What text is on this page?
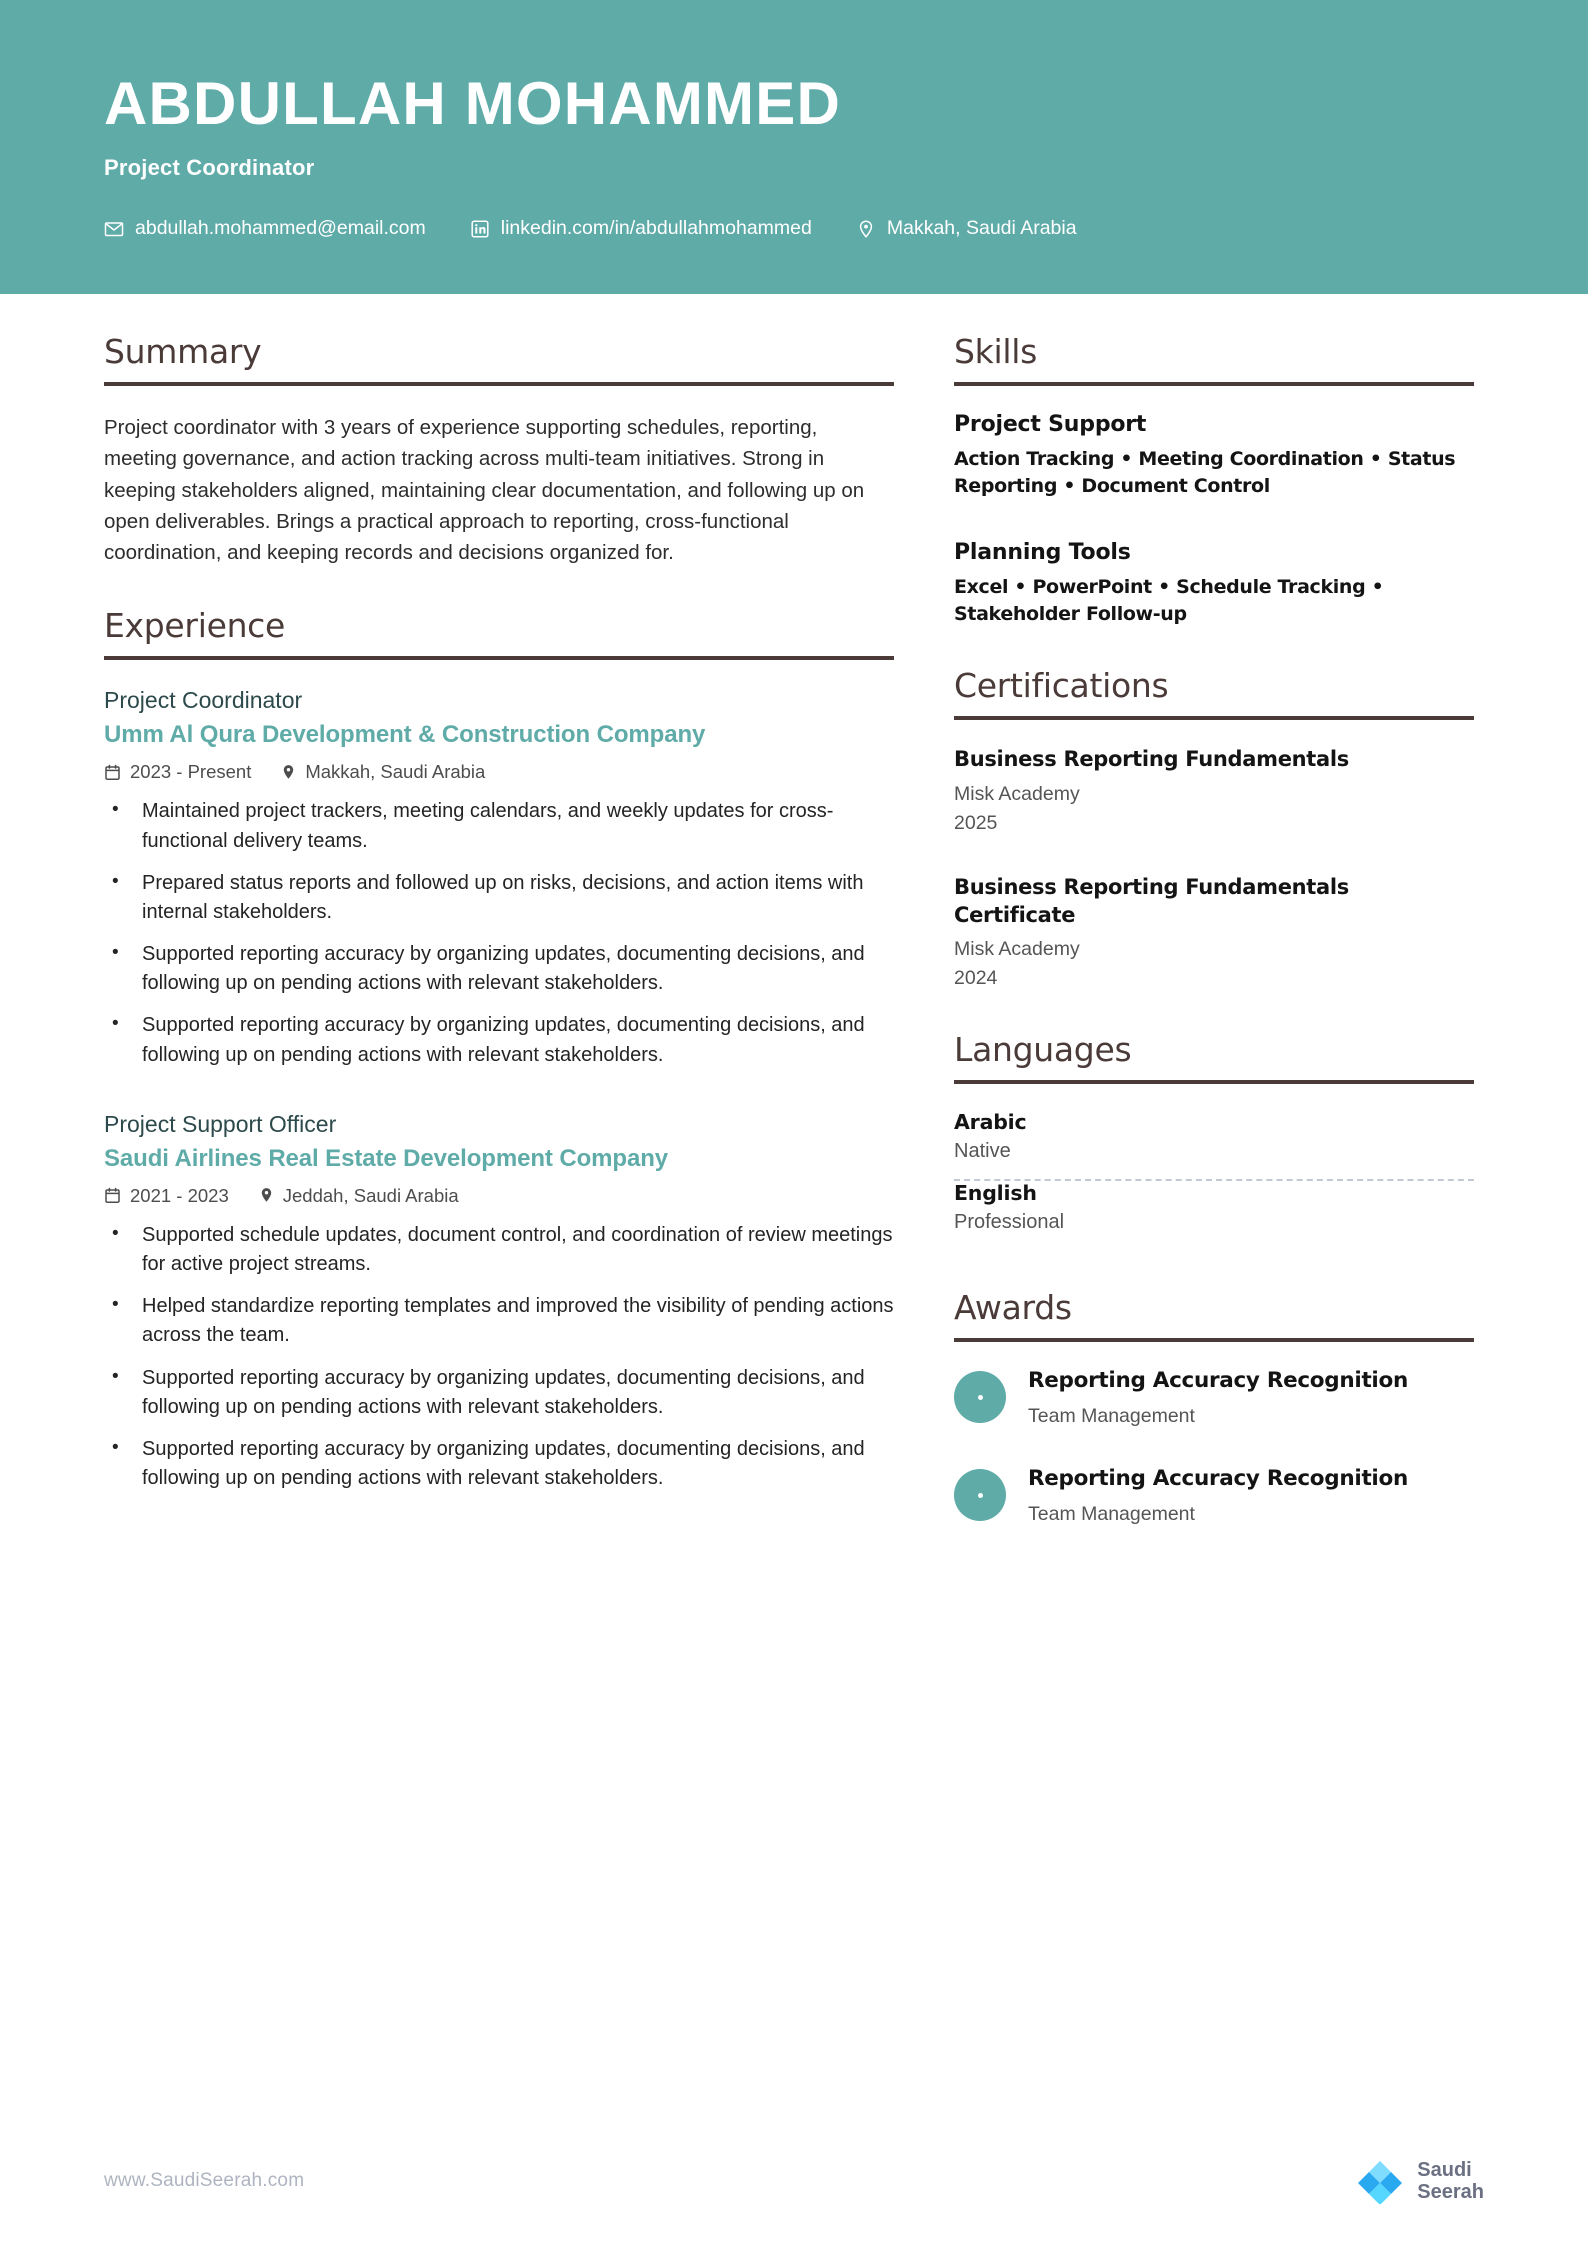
ABDULLAH MOHAMMED
Project Coordinator
abdullah.mohammed@email.com	linkedin.com/in/abdullahmohammed	Makkah, Saudi Arabia
Summary

Project coordinator with 3 years of experience supporting schedules, reporting, meeting governance, and action tracking across multi-team initiatives. Strong in keeping stakeholders aligned, maintaining clear documentation, and following up on open deliverables. Brings a practical approach to reporting, cross-functional coordination, and keeping records and decisions organized for.

Experience
Project Coordinator
Umm Al Qura Development & Construction Company
2023 - Present	Makkah, Saudi Arabia
• Maintained project trackers, meeting calendars, and weekly updates for cross-functional delivery teams.
• Prepared status reports and followed up on risks, decisions, and action items with internal stakeholders.
• Supported reporting accuracy by organizing updates, documenting decisions, and following up on pending actions with relevant stakeholders.
• Supported reporting accuracy by organizing updates, documenting decisions, and following up on pending actions with relevant stakeholders.
Project Support Officer
Saudi Airlines Real Estate Development Company
2021 - 2023	Jeddah, Saudi Arabia
• Supported schedule updates, document control, and coordination of review meetings for active project streams.
• Helped standardize reporting templates and improved the visibility of pending actions across the team.
• Supported reporting accuracy by organizing updates, documenting decisions, and following up on pending actions with relevant stakeholders.
• Supported reporting accuracy by organizing updates, documenting decisions, and following up on pending actions with relevant stakeholders.
Skills
Project Support
Action Tracking • Meeting Coordination • Status Reporting • Document Control
Planning Tools
Excel • PowerPoint • Schedule Tracking • Stakeholder Follow-up
Certifications
Business Reporting Fundamentals
Misk Academy
2025
Business Reporting Fundamentals Certificate
Misk Academy
2024
Languages
Arabic
Native
English
Professional
Awards
Reporting Accuracy Recognition
Team Management
Reporting Accuracy Recognition
Team Management
www.SaudiSeerah.com	Saudi
Seerah
